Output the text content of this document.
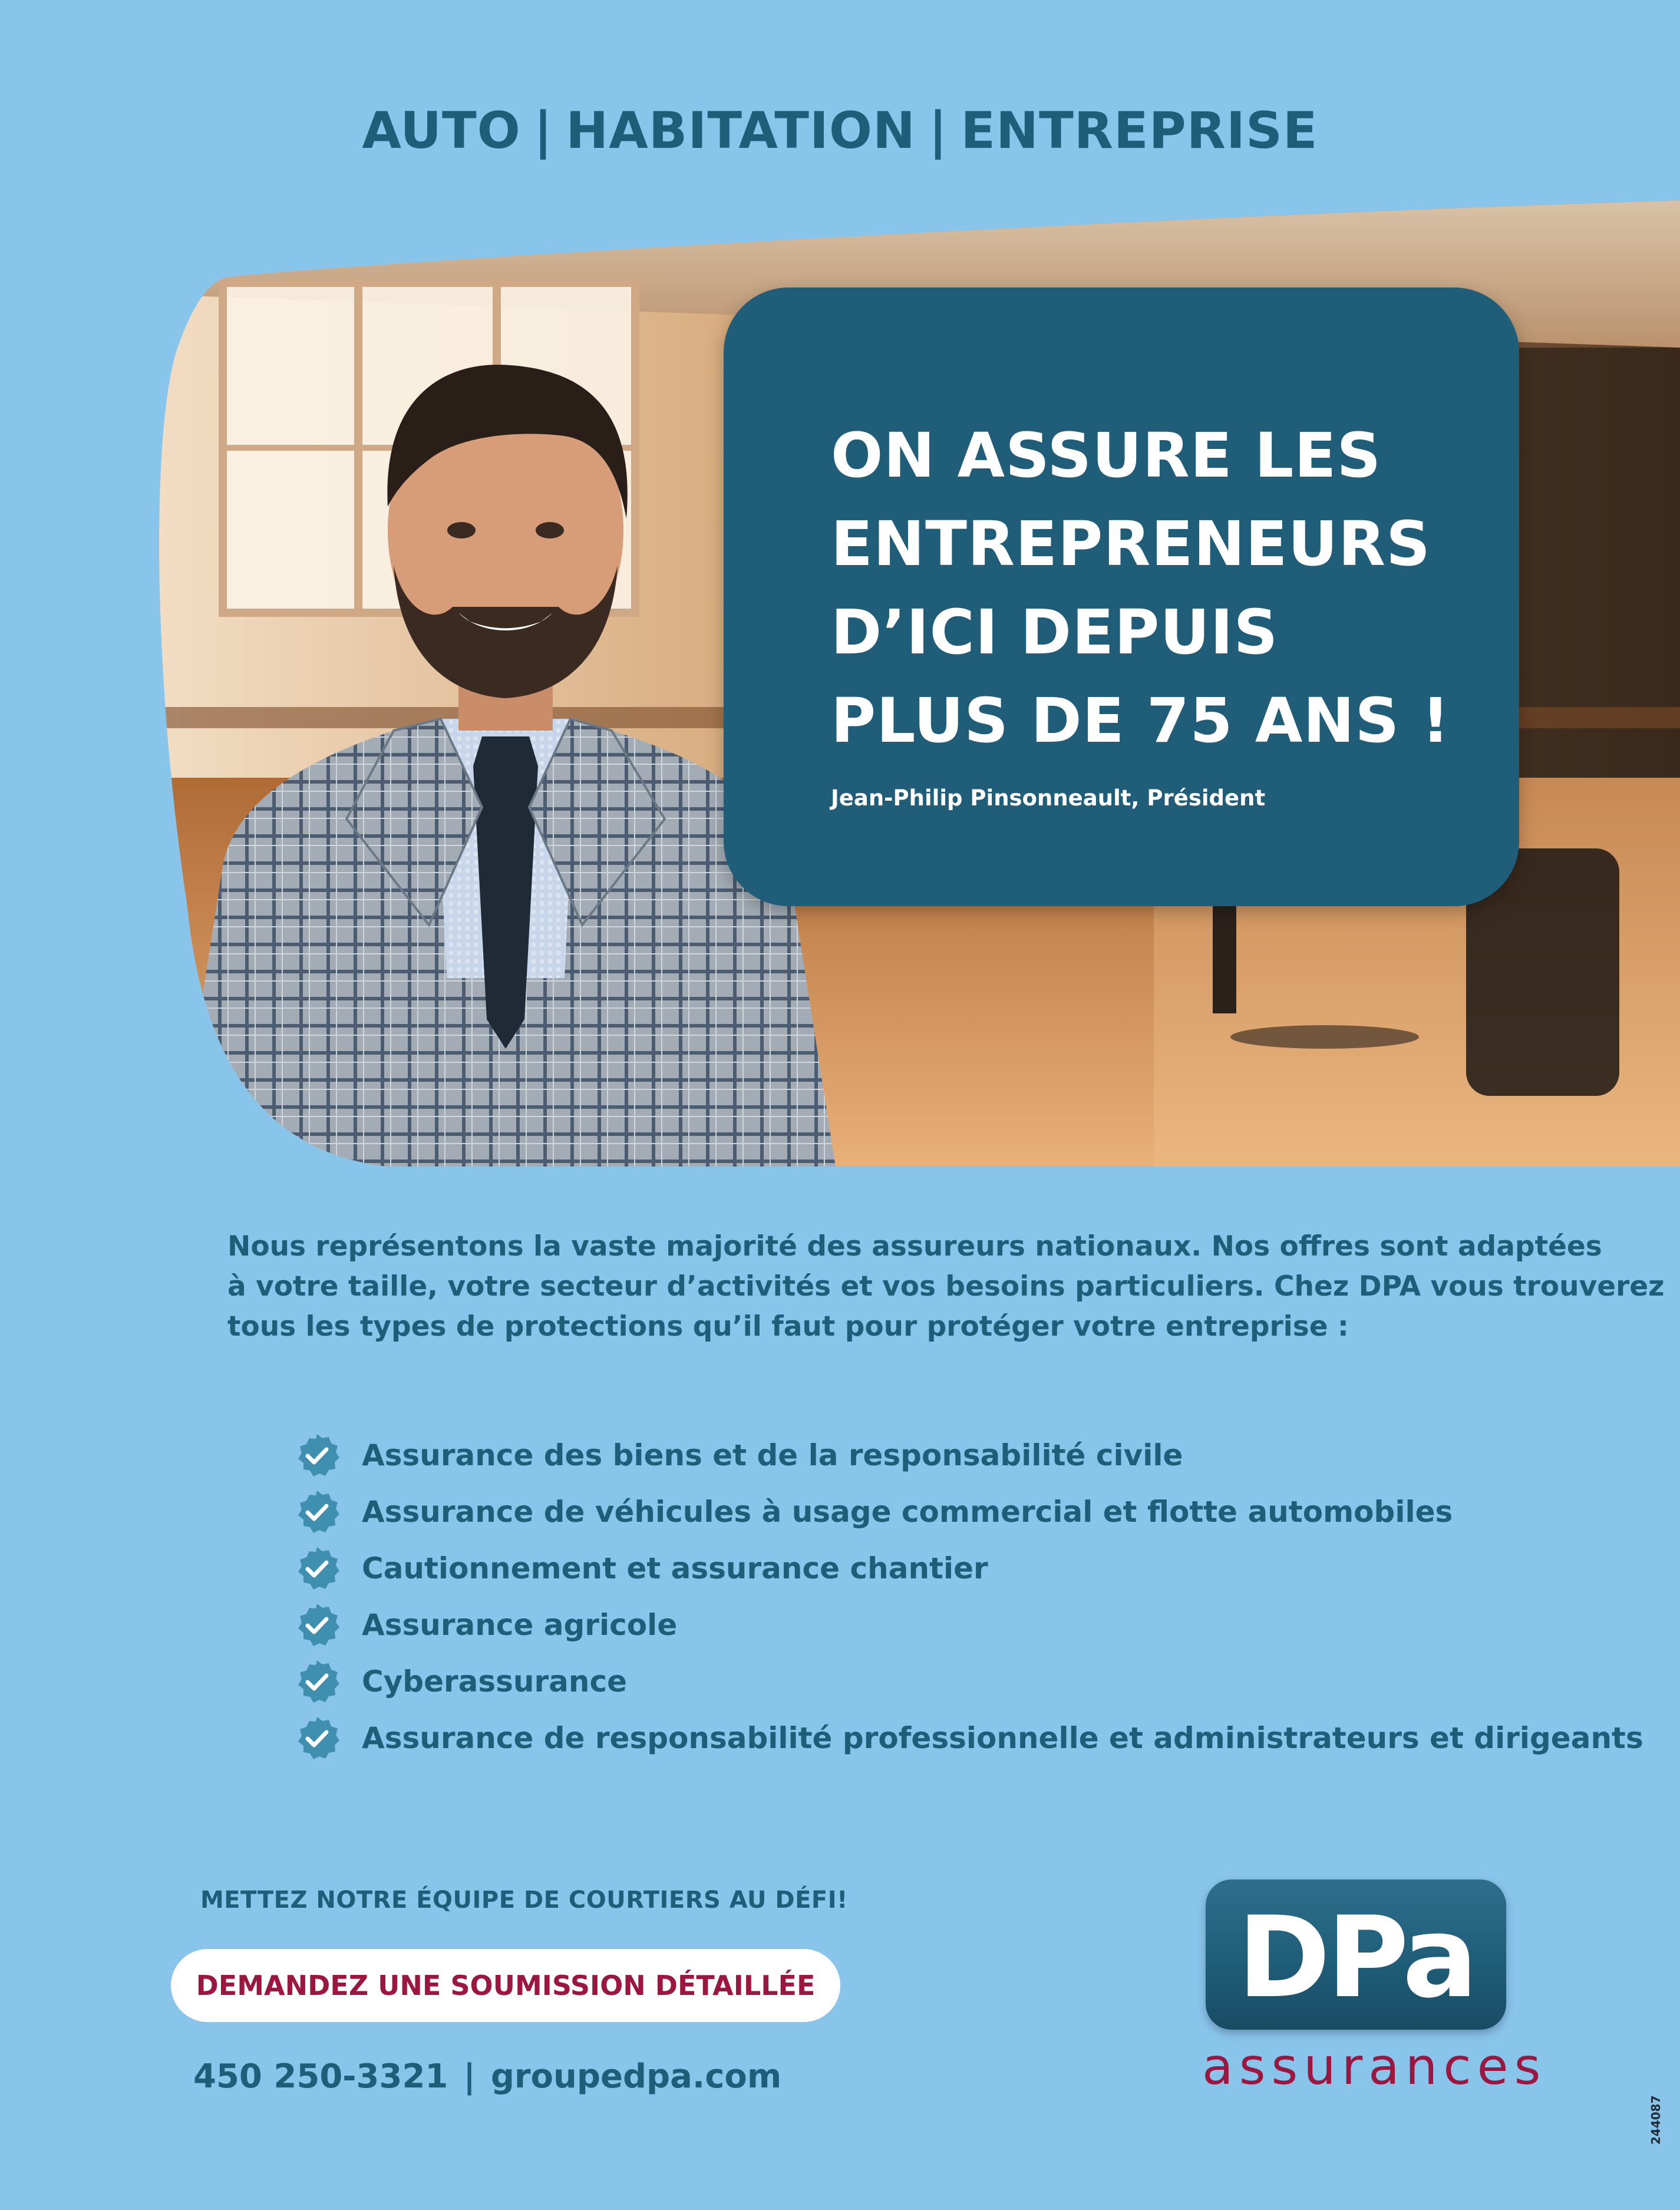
AUTO | HABITATION | ENTREPRISE
ON ASSURE LES
ENTREPRENEURS
D’ICI DEPUIS
PLUS DE 75 ANS !
Jean-Philip Pinsonneault, Président
Nous représentons la vaste majorité des assureurs nationaux. Nos offres sont adaptées
à votre taille, votre secteur d’activités et vos besoins particuliers. Chez DPA vous trouverez
tous les types de protections qu’il faut pour protéger votre entreprise :
Assurance des biens et de la responsabilité civile
Assurance de véhicules à usage commercial et flotte automobiles
Cautionnement et assurance chantier
Assurance agricole
Cyberassurance
Assurance de responsabilité professionnelle et administrateurs et dirigeants
METTEZ NOTRE ÉQUIPE DE COURTIERS AU DÉFI!
DEMANDEZ UNE SOUMISSION DÉTAILLÉE
450 250-3321 | groupedpa.com
DPa
assurances
244087
